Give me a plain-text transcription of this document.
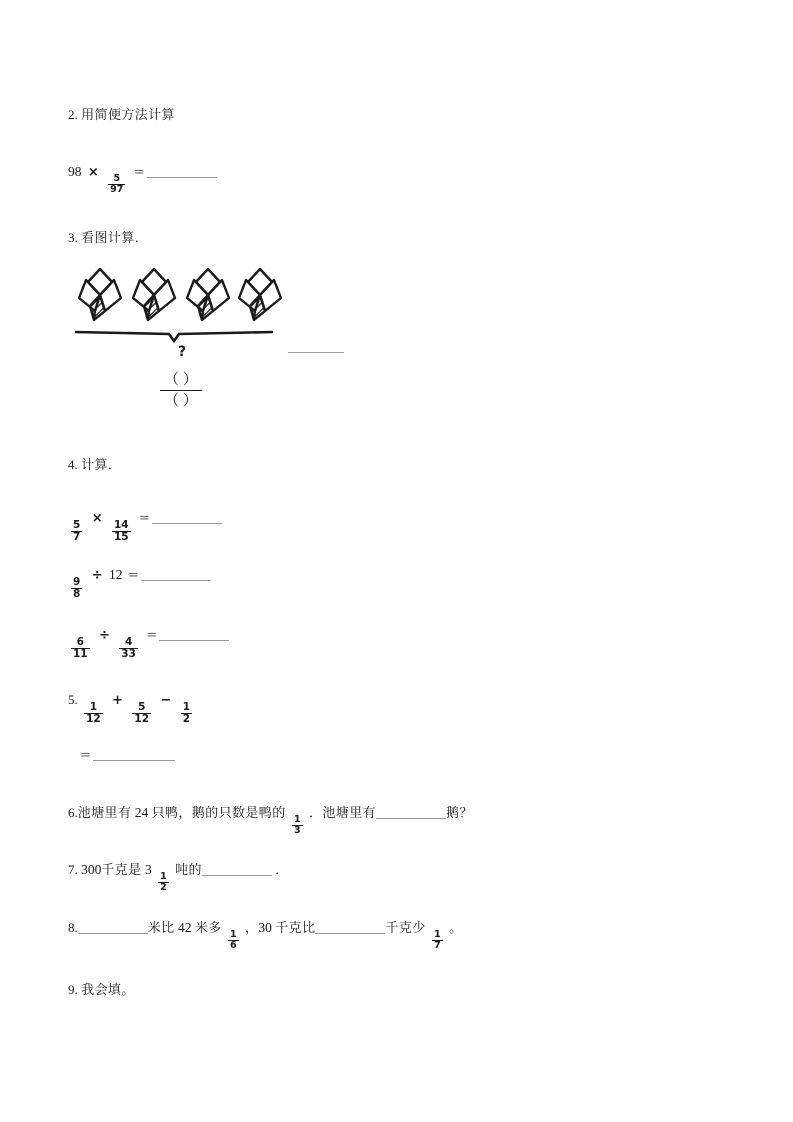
2. 用简便方法计算
98 ×
$\frac{5}{97}$
=
3. 看图计算．
?
（ ）
（ ）
4. 计算．
$\frac{5}{7}$
×
$\frac{14}{15}$
=
$\frac{9}{8}$
÷ 12 =
$\frac{6}{11}$
÷
$\frac{4}{33}$
=
5.
$\frac{1}{12}$
+
$\frac{5}{12}$
−
$\frac{1}{2}$
=
6.池塘里有 24 只鸭，鹅的只数是鸭的
$\frac{1}{3}$
．池塘里有	鹅？
7. 300千克是 3
$\frac{1}{2}$
吨的	．
8.	米比 42 米多
$\frac{1}{6}$
，30 千克比	千克少
$\frac{1}{7}$
。
9. 我会填。
